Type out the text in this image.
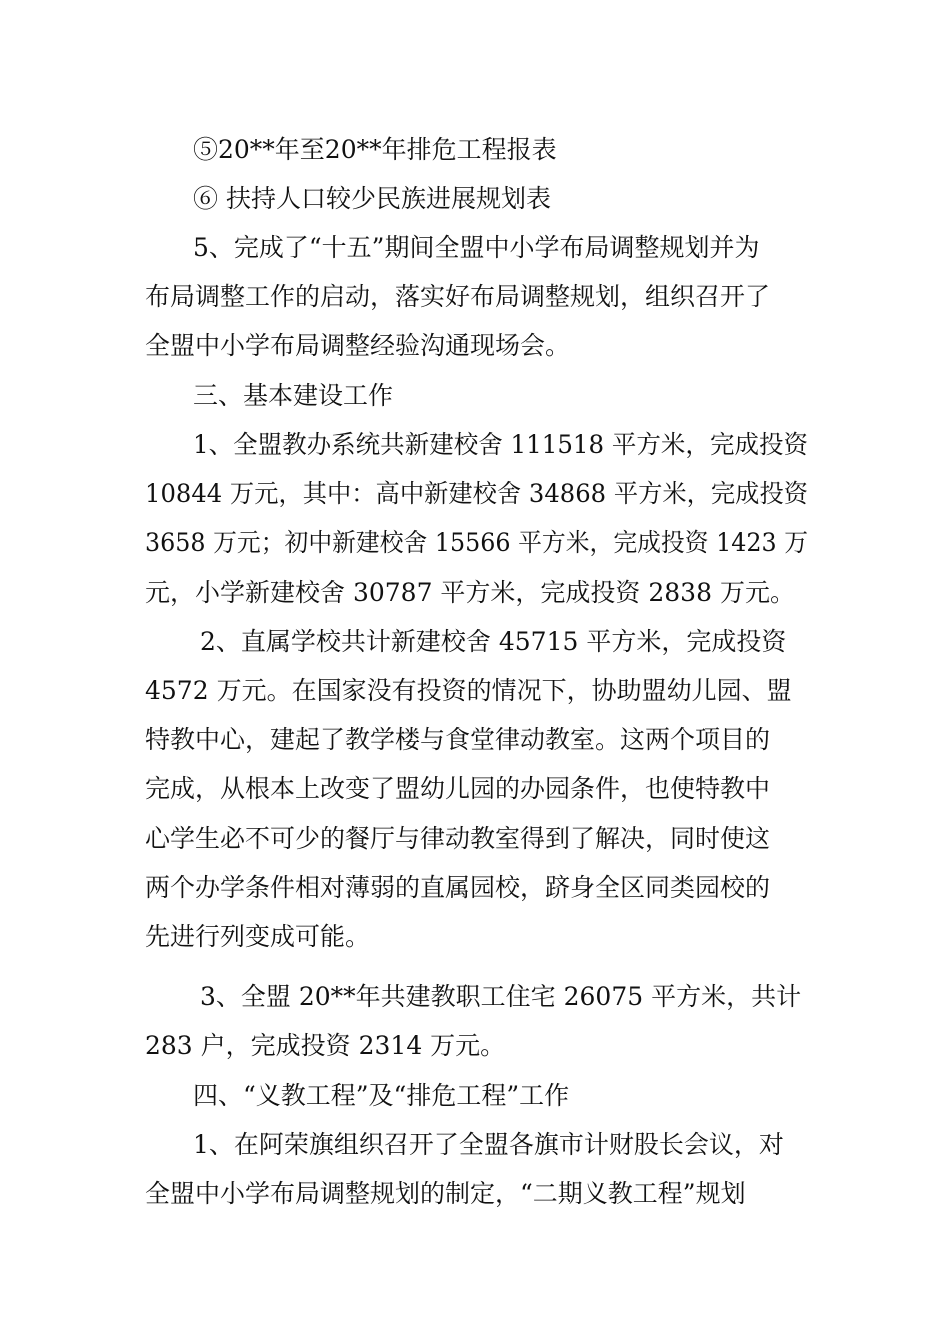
⑤20**年至20**年排危工程报表
⑥ 扶持人口较少民族进展规划表
5、完成了“十五”期间全盟中小学布局调整规划并为
布局调整工作的启动，落实好布局调整规划，组织召开了
全盟中小学布局调整经验沟通现场会。
三、基本建设工作
1、全盟教办系统共新建校舍 111518 平方米，完成投资
10844 万元，其中：高中新建校舍 34868 平方米，完成投资
3658 万元；初中新建校舍 15566 平方米，完成投资 1423 万
元，小学新建校舍 30787 平方米，完成投资 2838 万元。
2、直属学校共计新建校舍 45715 平方米，完成投资
4572 万元。在国家没有投资的情况下，协助盟幼儿园、盟
特教中心，建起了教学楼与食堂律动教室。这两个项目的
完成，从根本上改变了盟幼儿园的办园条件，也使特教中
心学生必不可少的餐厅与律动教室得到了解决，同时使这
两个办学条件相对薄弱的直属园校，跻身全区同类园校的
先进行列变成可能。
3、全盟 20**年共建教职工住宅 26075 平方米，共计
283 户，完成投资 2314 万元。
四、“义教工程”及“排危工程”工作
1、在阿荣旗组织召开了全盟各旗市计财股长会议，对
全盟中小学布局调整规划的制定，“二期义教工程”规划
